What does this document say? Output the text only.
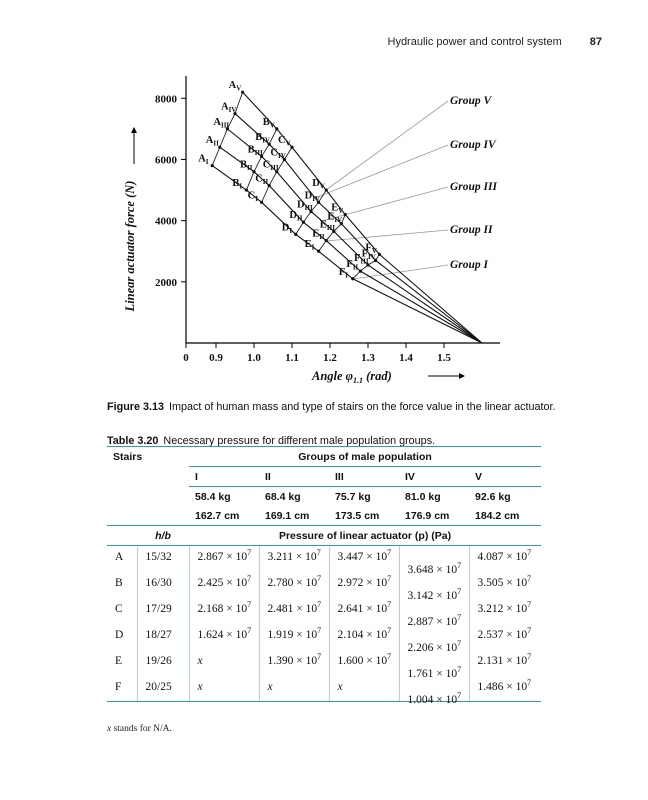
Hydraulic power and control system	87
0 0.9 1.0 1.1 1.2 1.3 1.4 1.5
2000
4000
6000
8000
$A_I$
$B_I$
$C_I$
$D_I$
$E_I$
$F_I$
$A_{II}$
$B_{II}$
$C_{II}$
$D_{II}$
$E_{II}$
$F_{II}$
$A_{III}$
$B_{III}$
$C_{III}$
$D_{III}$
$E_{III}$
$F_{III}$
$A_{IV}$
$B_{IV}$
$C_{IV}$
$D_{IV}$
$E_{IV}$
$F_{IV}$
$A_V$
$B_V$
$C_V$
$D_V$
$E_V$
$F_V$
Group I
Group II
Group III
Group IV
Group V
Linear actuator force (N)
Angle $\varphi_{1.1}$ (rad)

Figure 3.13 Impact of human mass and type of stairs on the force value in the linear actuator.

Table 3.20 Necessary pressure for different male population groups.

Stairs		Groups of male population				
		I	II	III	IV	V
		58.4 kg	68.4 kg	75.7 kg	81.0 kg	92.6 kg
		162.7 cm	169.1 cm	173.5 cm	176.9 cm	184.2 cm
	h/b	Pressure of linear actuator (p) (Pa)				
A	15/32	$2.867 \times 10^7$	$3.211 \times 10^7$	$3.447 \times 10^7$	$3.648 \times 10^7$	$4.087 \times 10^7$
B	16/30	$2.425 \times 10^7$	$2.780 \times 10^7$	$2.972 \times 10^7$	$3.142 \times 10^7$	$3.505 \times 10^7$
C	17/29	$2.168 \times 10^7$	$2.481 \times 10^7$	$2.641 \times 10^7$	$2.887 \times 10^7$	$3.212 \times 10^7$
D	18/27	$1.624 \times 10^7$	$1.919 \times 10^7$	$2.104 \times 10^7$	$2.206 \times 10^7$	$2.537 \times 10^7$
E	19/26	x	$1.390 \times 10^7$	$1.600 \times 10^7$	$1.761 \times 10^7$	$2.131 \times 10^7$
F	20/25	x	x	x	$1.004 \times 10^7$	$1.486 \times 10^7$

x stands for N/A.
